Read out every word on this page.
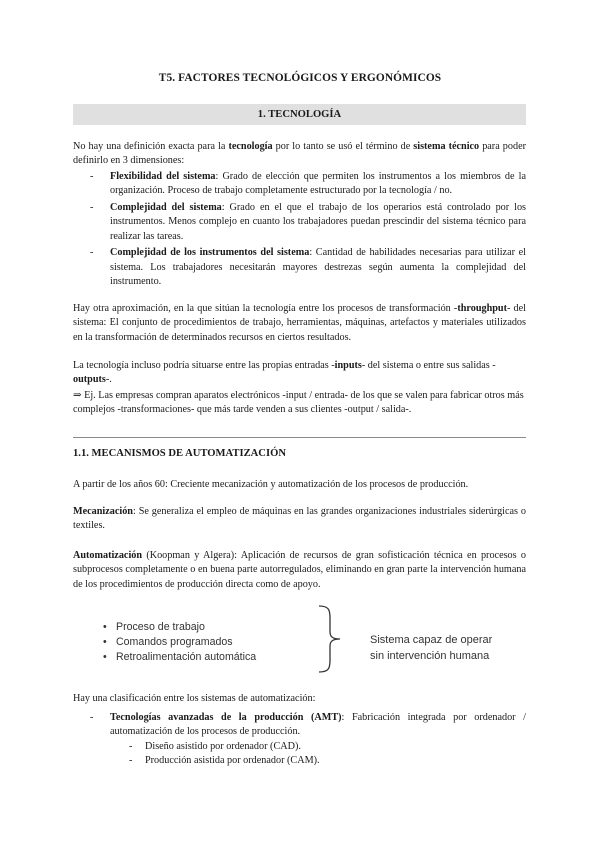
T5. FACTORES TECNOLÓGICOS Y ERGONÓMICOS
1. TECNOLOGÍA

No hay una definición exacta para la tecnología por lo tanto se usó el término de sistema técnico para poder definirlo en 3 dimensiones:

- Flexibilidad del sistema: Grado de elección que permiten los instrumentos a los miembros de la organización. Proceso de trabajo completamente estructurado por la tecnología / no.
- Complejidad del sistema: Grado en el que el trabajo de los operarios está controlado por los instrumentos. Menos complejo en cuanto los trabajadores puedan prescindir del sistema técnico para realizar las tareas.
- Complejidad de los instrumentos del sistema: Cantidad de habilidades necesarias para utilizar el sistema. Los trabajadores necesitarán mayores destrezas según aumenta la complejidad del instrumento.

Hay otra aproximación, en la que sitúan la tecnología entre los procesos de transformación -throughput- del sistema: El conjunto de procedimientos de trabajo, herramientas, máquinas, artefactos y materiales utilizados en la transformación de determinados recursos en ciertos resultados.

La tecnología incluso podría situarse entre las propias entradas -inputs- del sistema o entre sus salidas -outputs-.

⇒ Ej. Las empresas compran aparatos electrónicos -input / entrada- de los que se valen para fabricar otros más complejos -transformaciones- que más tarde venden a sus clientes -output / salida-.

1.1. MECANISMOS DE AUTOMATIZACIÓN

A partir de los años 60: Creciente mecanización y automatización de los procesos de producción.

Mecanización: Se generaliza el empleo de máquinas en las grandes organizaciones industriales siderúrgicas o textiles.

Automatización (Koopman y Algera): Aplicación de recursos de gran sofisticación técnica en procesos o subprocesos completamente o en buena parte autorregulados, eliminando en gran parte la intervención humana de los procedimientos de producción directa como de apoyo.

• Proceso de trabajo
• Comandos programados
• Retroalimentación automática

Sistema capaz de operar
sin intervención humana

Hay una clasificación entre los sistemas de automatización:

- Tecnologías avanzadas de la producción (AMT): Fabricación integrada por ordenador / automatización de los procesos de producción.
- Diseño asistido por ordenador (CAD).
- Producción asistida por ordenador (CAM).
